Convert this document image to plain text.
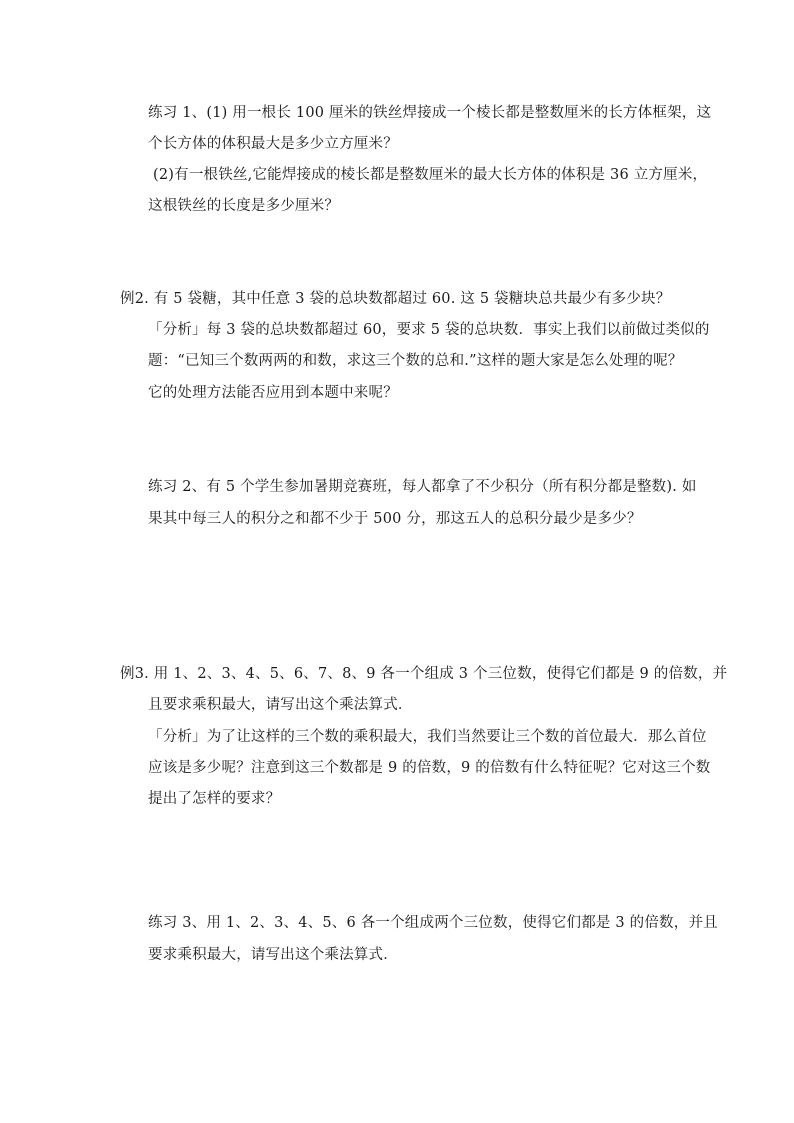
练习 1、(1) 用一根长 100 厘米的铁丝焊接成一个棱长都是整数厘米的长方体框架，这
个长方体的体积最大是多少立方厘米？
(2)有一根铁丝,它能焊接成的棱长都是整数厘米的最大长方体的体积是 36 立方厘米，
这根铁丝的长度是多少厘米？
例2. 有 5 袋糖，其中任意 3 袋的总块数都超过 60. 这 5 袋糖块总共最少有多少块？
「分析」每 3 袋的总块数都超过 60，要求 5 袋的总块数．事实上我们以前做过类似的
题：“已知三个数两两的和数，求这三个数的总和.”这样的题大家是怎么处理的呢？
它的处理方法能否应用到本题中来呢？
练习 2、有 5 个学生参加暑期竞赛班，每人都拿了不少积分（所有积分都是整数). 如
果其中每三人的积分之和都不少于 500 分，那这五人的总积分最少是多少？
例3. 用 1、2、3、4、5、6、7、8、9 各一个组成 3 个三位数，使得它们都是 9 的倍数，并
且要求乘积最大，请写出这个乘法算式．
「分析」为了让这样的三个数的乘积最大，我们当然要让三个数的首位最大．那么首位
应该是多少呢？注意到这三个数都是 9 的倍数，9 的倍数有什么特征呢？它对这三个数
提出了怎样的要求？
练习 3、用 1、2、3、4、5、6 各一个组成两个三位数，使得它们都是 3 的倍数，并且
要求乘积最大，请写出这个乘法算式．
